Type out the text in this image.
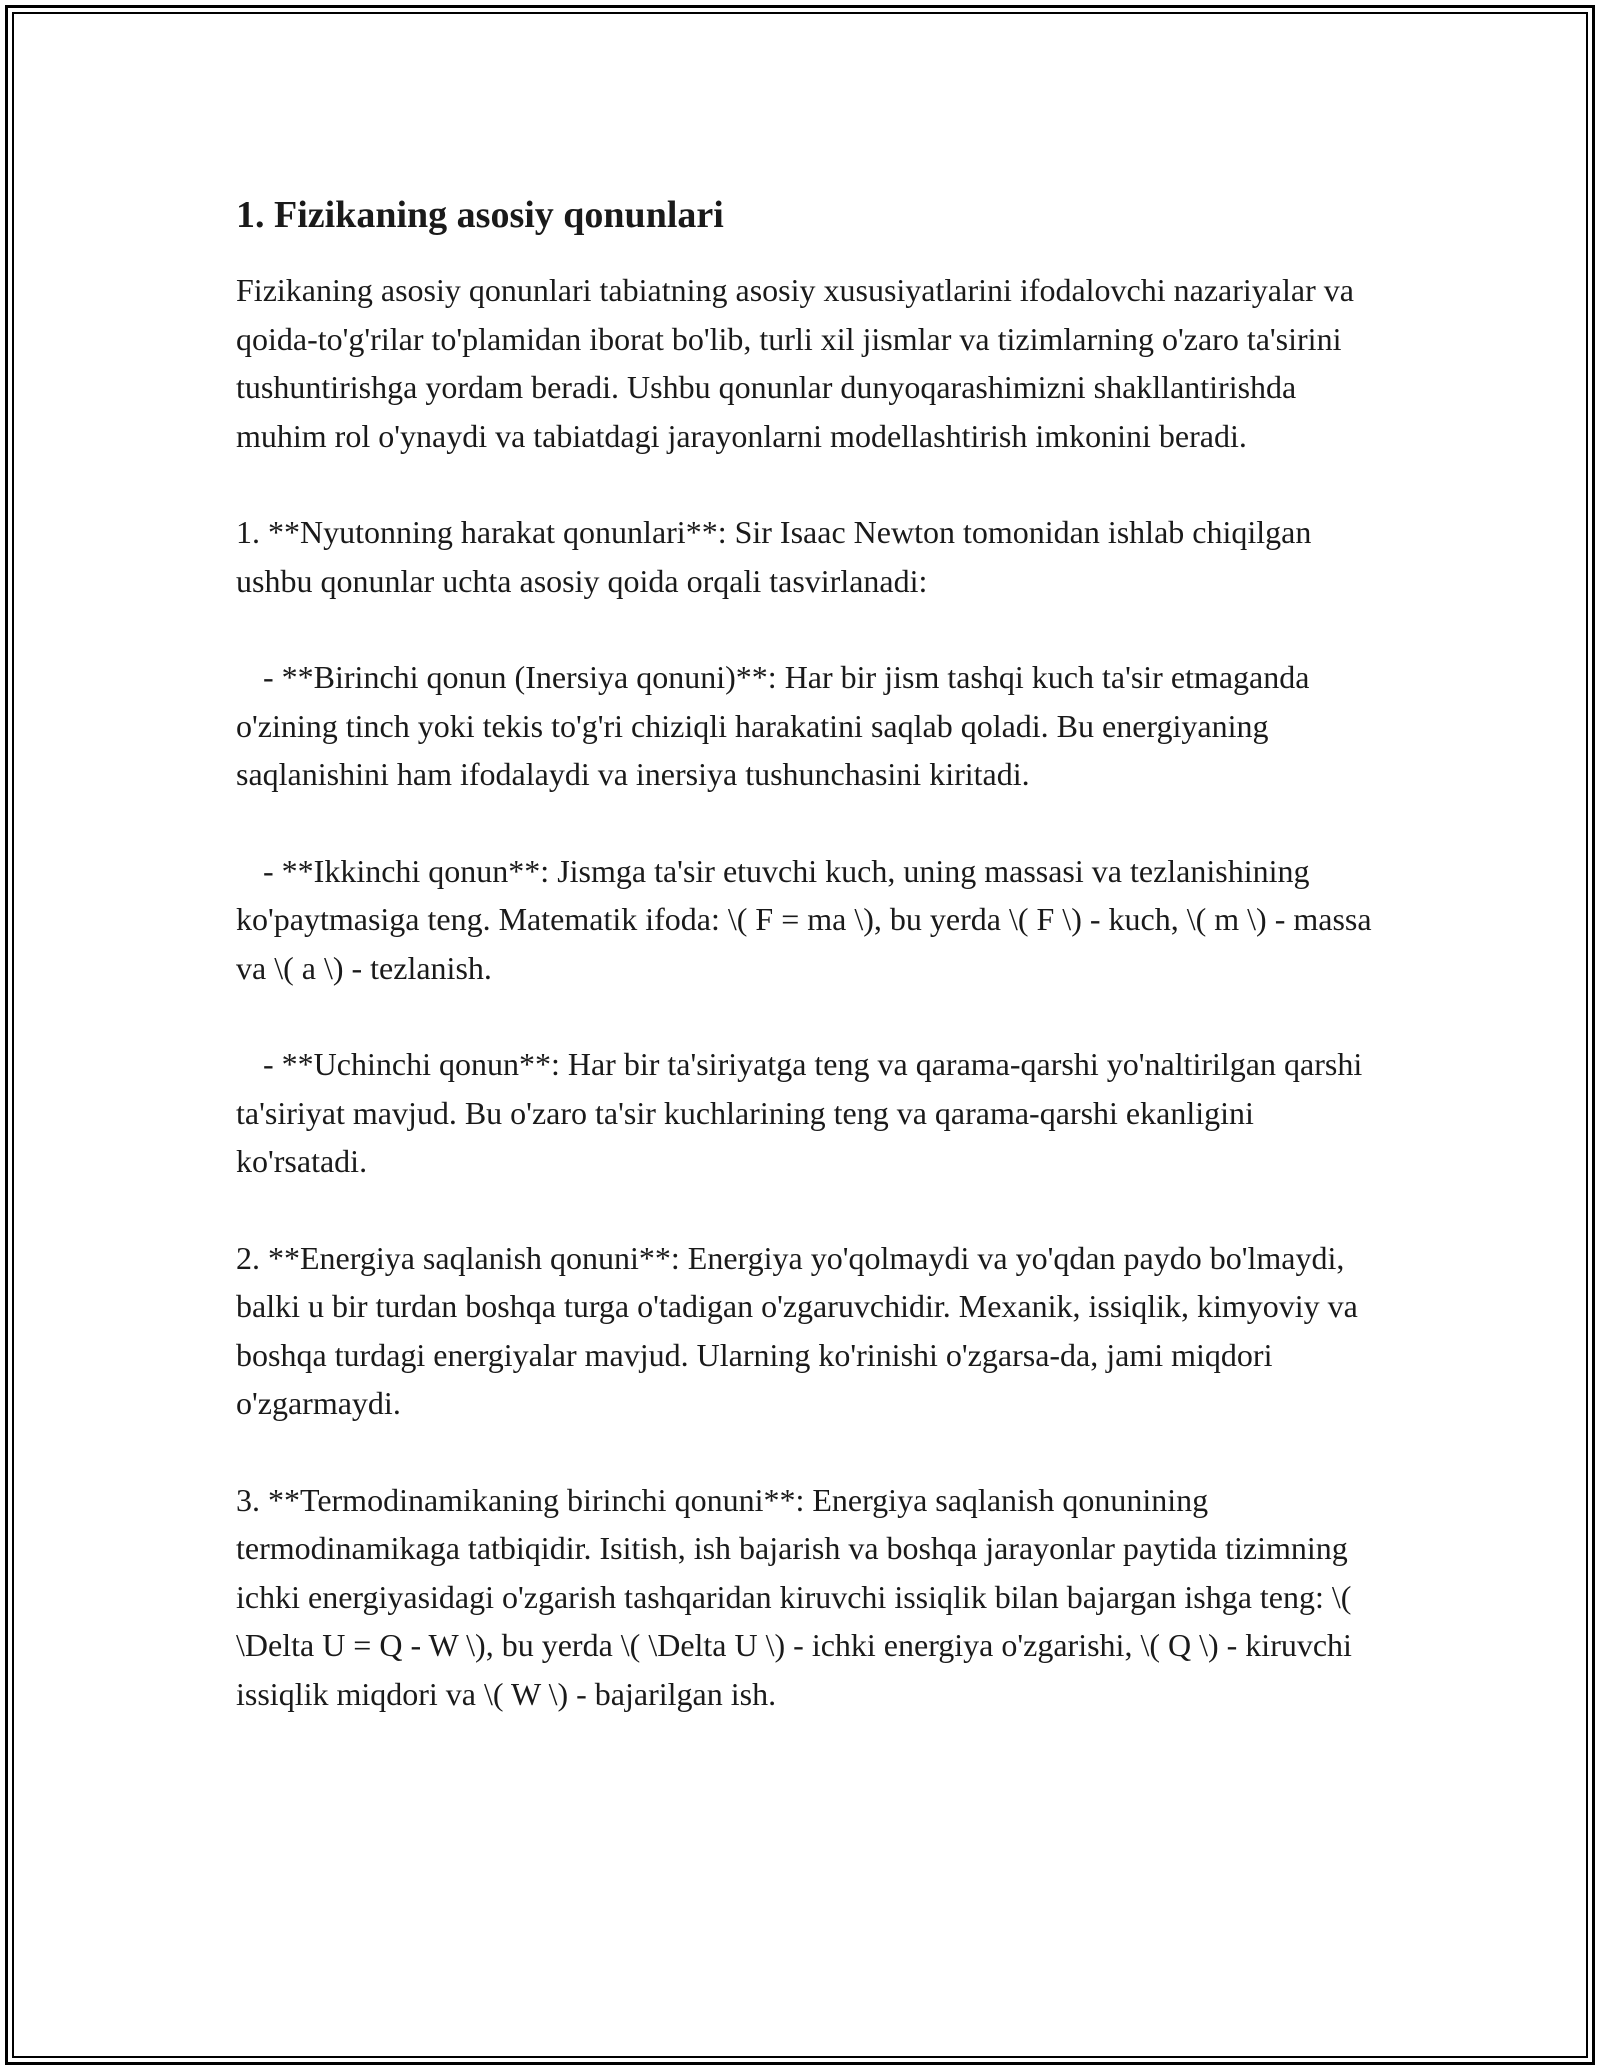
1. Fizikaning asosiy qonunlari

Fizikaning asosiy qonunlari tabiatning asosiy xususiyatlarini ifodalovchi nazariyalar va qoida-to'g'rilar to'plamidan iborat bo'lib, turli xil jismlar va tizimlarning o'zaro ta'sirini tushuntirishga yordam beradi. Ushbu qonunlar dunyoqarashimizni shakllantirishda muhim rol o'ynaydi va tabiatdagi jarayonlarni modellashtirish imkonini beradi.

1. **Nyutonning harakat qonunlari**: Sir Isaac Newton tomonidan ishlab chiqilgan ushbu qonunlar uchta asosiy qoida orqali tasvirlanadi:

- **Birinchi qonun (Inersiya qonuni)**: Har bir jism tashqi kuch ta'sir etmaganda o'zining tinch yoki tekis to'g'ri chiziqli harakatini saqlab qoladi. Bu energiyaning saqlanishini ham ifodalaydi va inersiya tushunchasini kiritadi.

- **Ikkinchi qonun**: Jismga ta'sir etuvchi kuch, uning massasi va tezlanishining ko'paytmasiga teng. Matematik ifoda: \( F = ma \), bu yerda \( F \) - kuch, \( m \) - massa va \( a \) - tezlanish.

- **Uchinchi qonun**: Har bir ta'siriyatga teng va qarama-qarshi yo'naltirilgan qarshi ta'siriyat mavjud. Bu o'zaro ta'sir kuchlarining teng va qarama-qarshi ekanligini ko'rsatadi.

2. **Energiya saqlanish qonuni**: Energiya yo'qolmaydi va yo'qdan paydo bo'lmaydi, balki u bir turdan boshqa turga o'tadigan o'zgaruvchidir. Mexanik, issiqlik, kimyoviy va boshqa turdagi energiyalar mavjud. Ularning ko'rinishi o'zgarsa-da, jami miqdori o'zgarmaydi.

3. **Termodinamikaning birinchi qonuni**: Energiya saqlanish qonunining termodinamikaga tatbiqidir. Isitish, ish bajarish va boshqa jarayonlar paytida tizimning ichki energiyasidagi o'zgarish tashqaridan kiruvchi issiqlik bilan bajargan ishga teng: \( \Delta U = Q - W \), bu yerda \( \Delta U \) - ichki energiya o'zgarishi, \( Q \) - kiruvchi issiqlik miqdori va \( W \) - bajarilgan ish.
